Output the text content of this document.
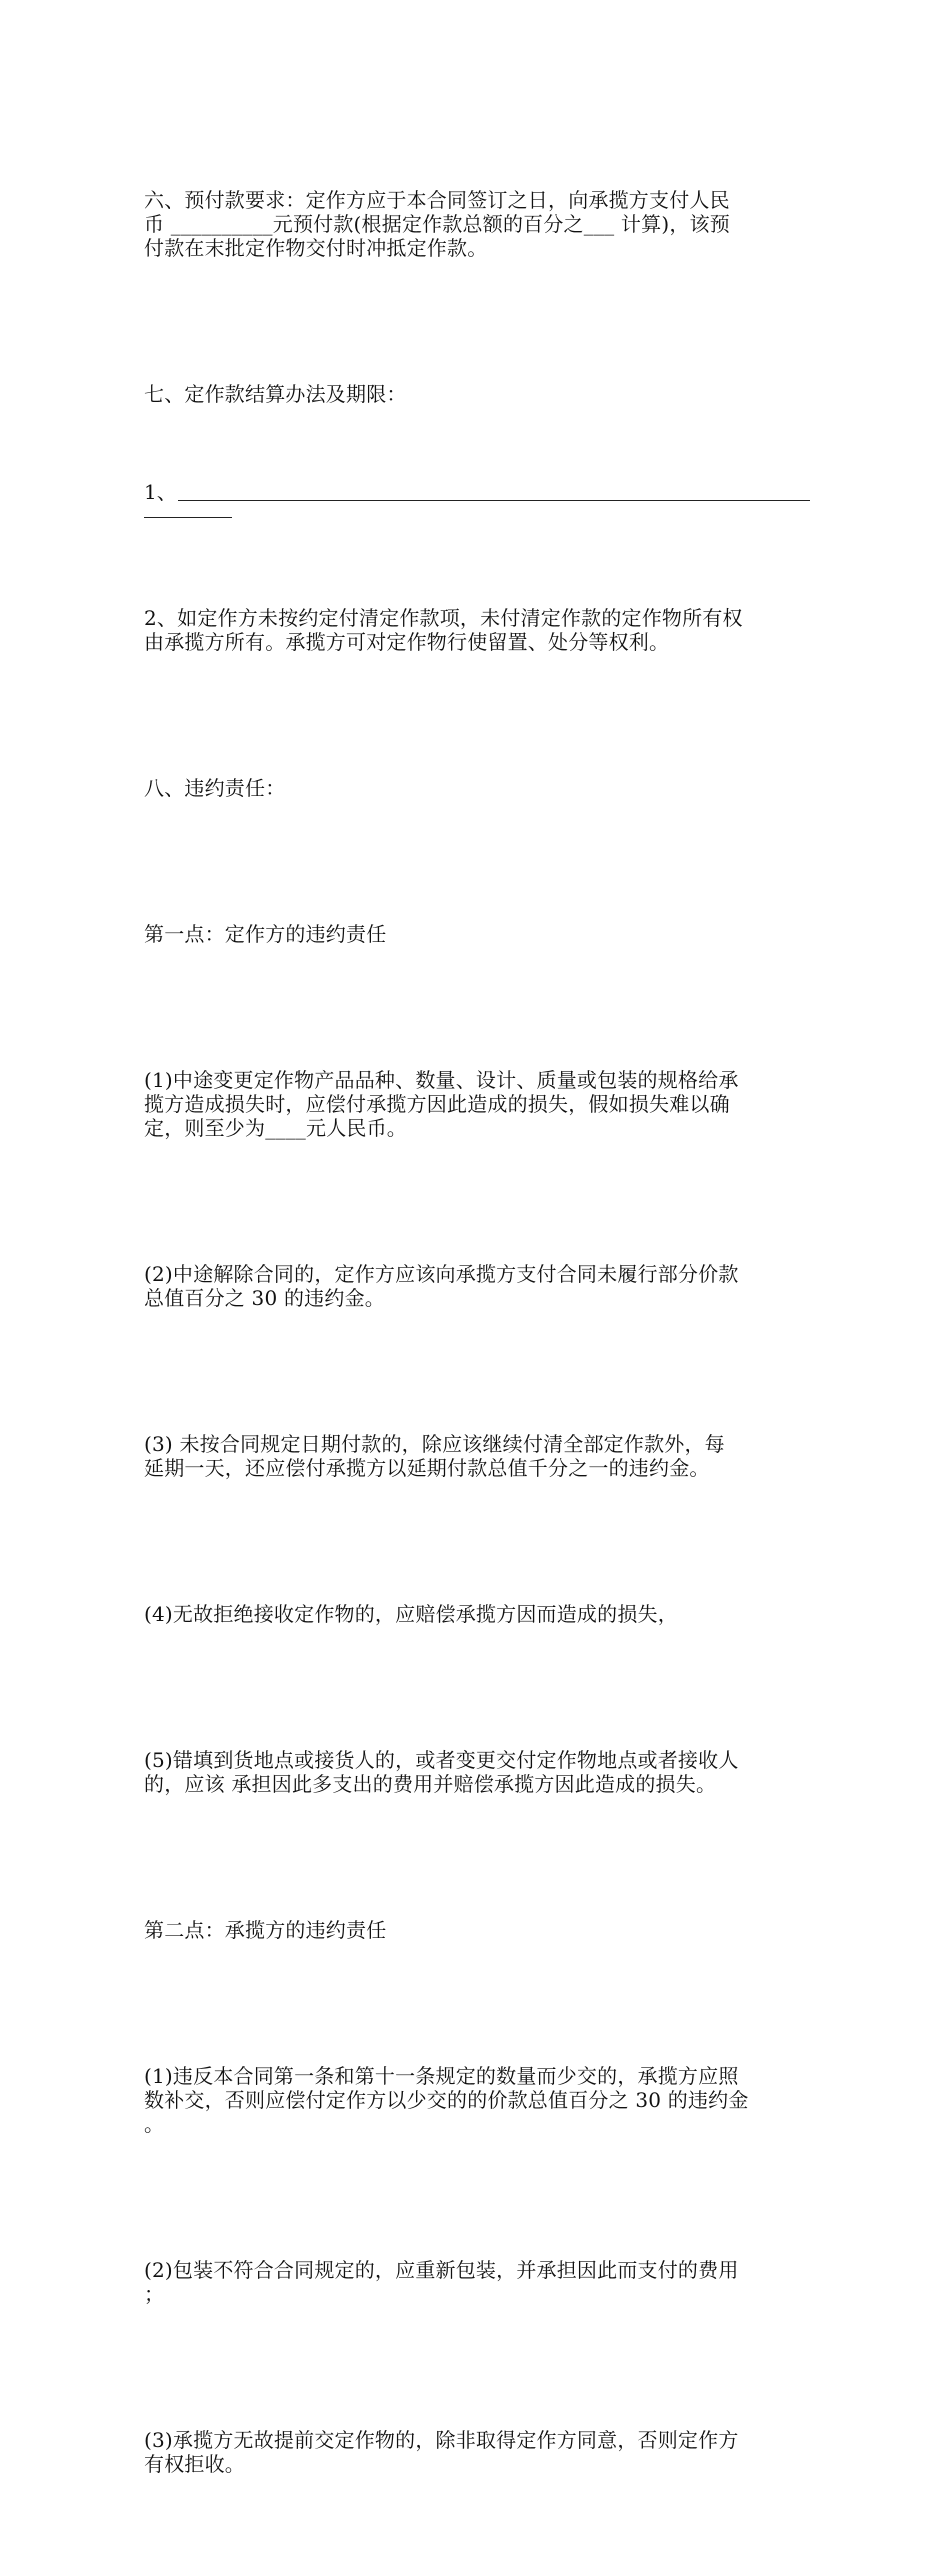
六、预付款要求：定作方应于本合同签订之日，向承揽方支付人民
币 __________元预付款(根据定作款总额的百分之___ 计算)，该预
付款在末批定作物交付时冲抵定作款。

七、定作款结算办法及期限：

1、

2、如定作方未按约定付清定作款项，未付清定作款的定作物所有权
由承揽方所有。承揽方可对定作物行使留置、处分等权利。

八、违约责任：

第一点：定作方的违约责任

(1)中途变更定作物产品品种、数量、设计、质量或包装的规格给承
揽方造成损失时，应偿付承揽方因此造成的损失，假如损失难以确
定，则至少为____元人民币。

(2)中途解除合同的，定作方应该向承揽方支付合同未履行部分价款
总值百分之 30 的违约金。

(3) 未按合同规定日期付款的，除应该继续付清全部定作款外，每
延期一天，还应偿付承揽方以延期付款总值千分之一的违约金。

(4)无故拒绝接收定作物的，应赔偿承揽方因而造成的损失，

(5)错填到货地点或接货人的，或者变更交付定作物地点或者接收人
的，应该 承担因此多支出的费用并赔偿承揽方因此造成的损失。

第二点：承揽方的违约责任

(1)违反本合同第一条和第十一条规定的数量而少交的，承揽方应照
数补交，否则应偿付定作方以少交的的价款总值百分之 30 的违约金
。

(2)包装不符合合同规定的，应重新包装，并承担因此而支付的费用
；

(3)承揽方无故提前交定作物的，除非取得定作方同意，否则定作方
有权拒收。
